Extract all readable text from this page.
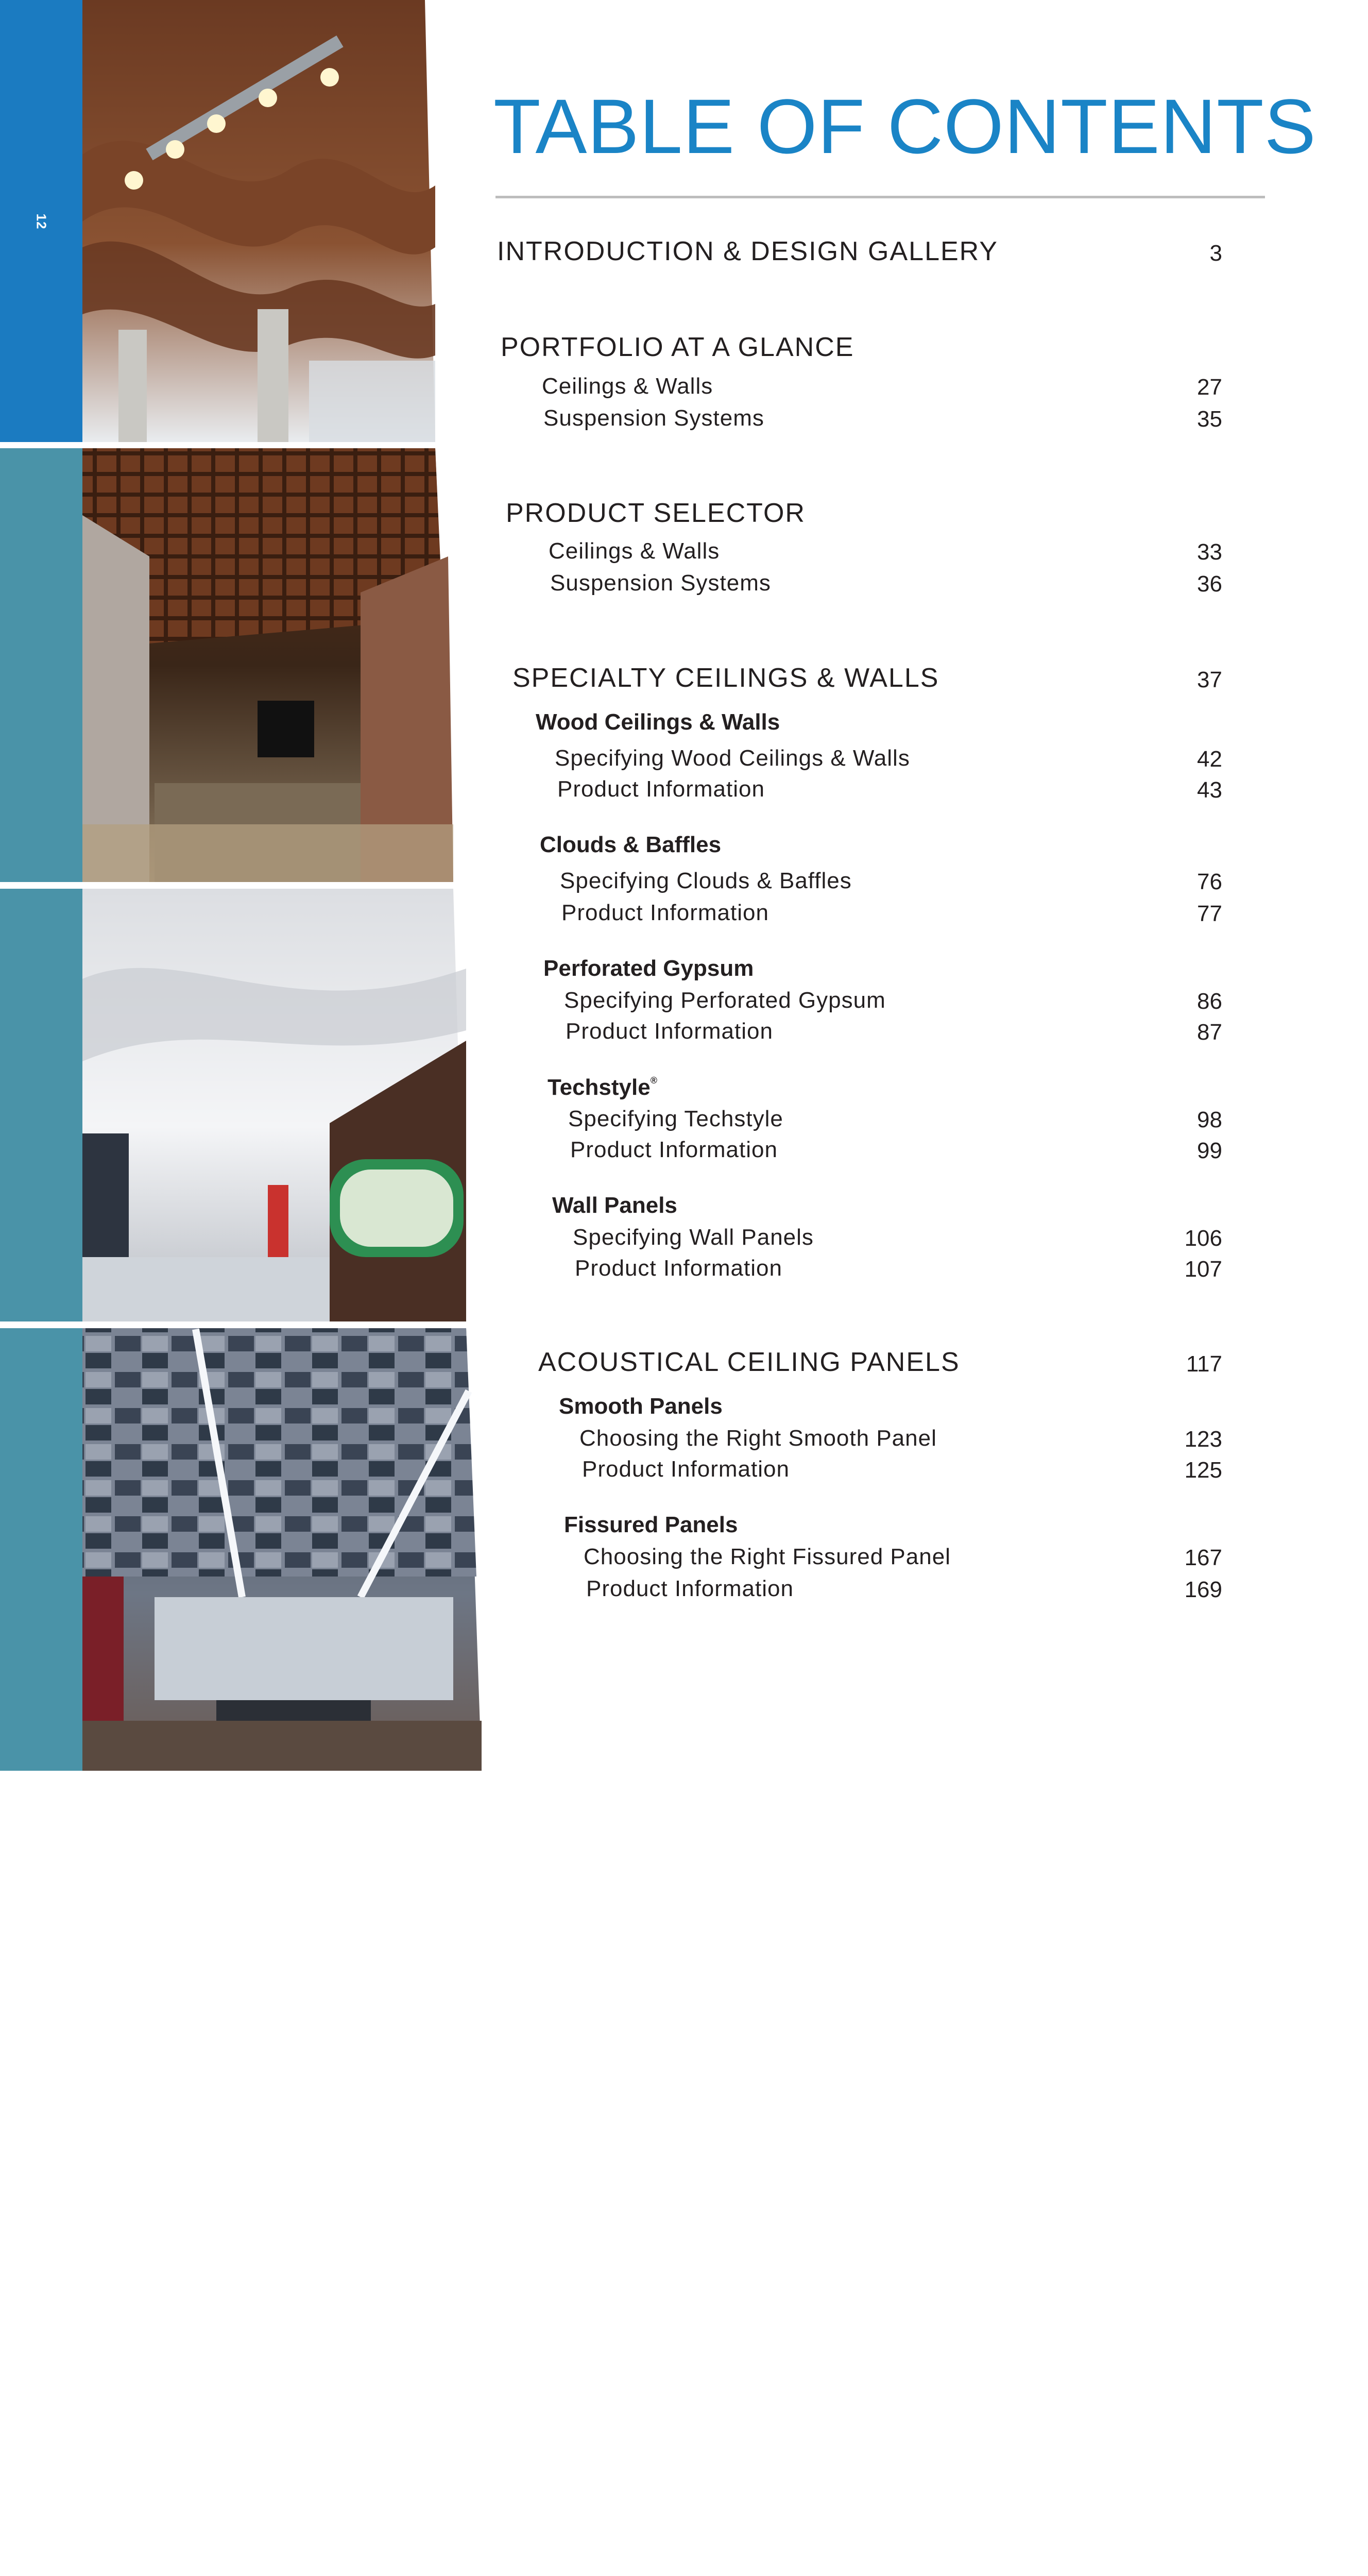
12
75
TABLE OF CONTENTS
INTRODUCTION & DESIGN GALLERY	3
PORTFOLIO AT A GLANCE
Ceilings & Walls	27
Suspension Systems	35
PRODUCT SELECTOR
Ceilings & Walls	33
Suspension Systems	36
SPECIALTY CEILINGS & WALLS	37
Wood Ceilings & Walls
Specifying Wood Ceilings & Walls	42
Product Information	43
Clouds & Baffles
Specifying Clouds & Baffles	76
Product Information	77
Perforated Gypsum
Specifying Perforated Gypsum	86
Product Information	87
Techstyle®
Specifying Techstyle	98
Product Information	99
Wall Panels
Specifying Wall Panels	106
Product Information	107
ACOUSTICAL CEILING PANELS	117
Smooth Panels
Choosing the Right Smooth Panel	123
Product Information	125
Fissured Panels
Choosing the Right Fissured Panel	167
Product Information	169
